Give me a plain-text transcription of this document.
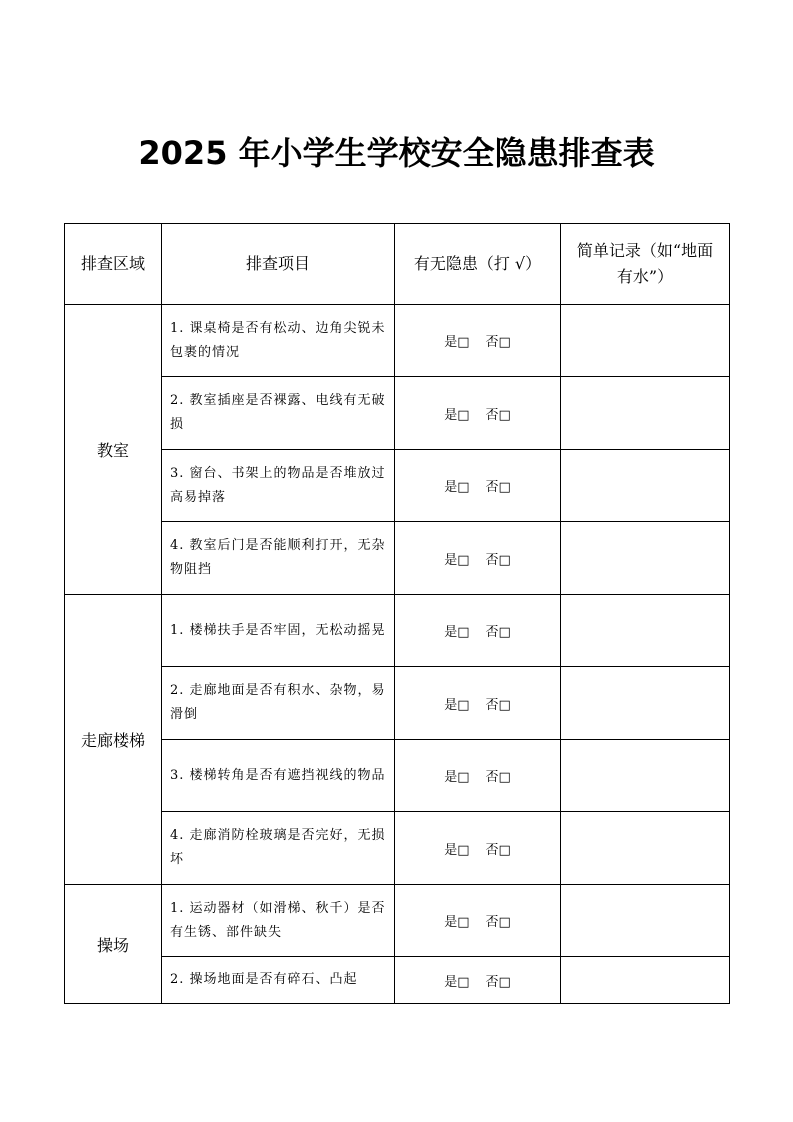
2025 年小学生学校安全隐患排查表
排查区域	排查项目	有无隐患（打 √）	简单记录（如“地面有水”）
教室	1. 课桌椅是否有松动、边角尖锐未包裹的情况	是□ 否□	
	2. 教室插座是否裸露、电线有无破损	是□ 否□	
	3. 窗台、书架上的物品是否堆放过高易掉落	是□ 否□	
	4. 教室后门是否能顺利打开，无杂物阻挡	是□ 否□	
走廊楼梯	1. 楼梯扶手是否牢固，无松动摇晃	是□ 否□	
	2. 走廊地面是否有积水、杂物，易滑倒	是□ 否□	
	3. 楼梯转角是否有遮挡视线的物品	是□ 否□	
	4. 走廊消防栓玻璃是否完好，无损坏	是□ 否□	
操场	1. 运动器材（如滑梯、秋千）是否有生锈、部件缺失	是□ 否□	
	2. 操场地面是否有碎石、凸起	是□ 否□	
